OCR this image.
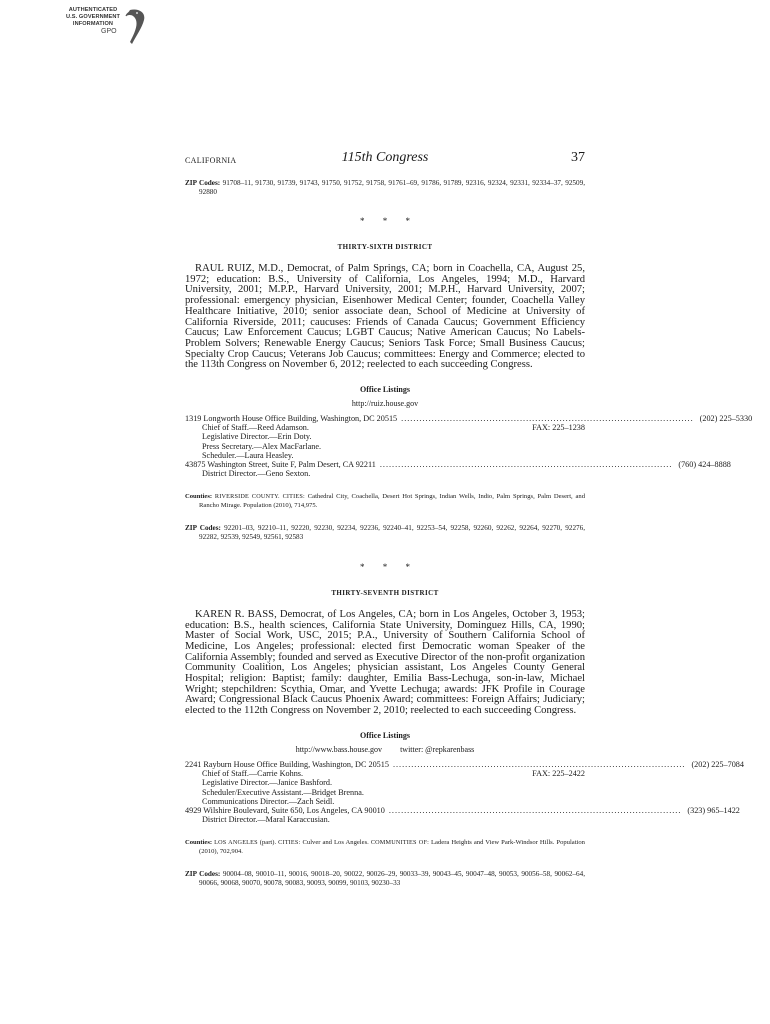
AUTHENTICATED
U.S. GOVERNMENT
INFORMATION
GPO
CALIFORNIA	115th Congress	37
ZIP Codes: 91708–11, 91730, 91739, 91743, 91750, 91752, 91758, 91761–69, 91786, 91789, 92316, 92324, 92331, 92334–37, 92509, 92880
* * *
THIRTY-SIXTH DISTRICT

RAUL RUIZ, M.D., Democrat, of Palm Springs, CA; born in Coachella, CA, August 25, 1972; education: B.S., University of California, Los Angeles, 1994; M.D., Harvard University, 2001; M.P.P., Harvard University, 2001; M.P.H., Harvard University, 2007; professional: emergency physician, Eisenhower Medical Center; founder, Coachella Valley Healthcare Initiative, 2010; senior associate dean, School of Medicine at University of California Riverside, 2011; caucuses: Friends of Canada Caucus; Government Efficiency Caucus; Law Enforcement Caucus; LGBT Caucus; Native American Caucus; No Labels-Problem Solvers; Renewable Energy Caucus; Seniors Task Force; Small Business Caucus; Specialty Crop Caucus; Veterans Job Caucus; committees: Energy and Commerce; elected to the 113th Congress on November 6, 2012; reelected to each succeeding Congress.

Office Listings
http://ruiz.house.gov
1319 Longworth House Office Building, Washington, DC 20515 ................................................................................................ (202) 225–5330
Chief of Staff.—Reed Adamson.	FAX: 225–1238
Legislative Director.—Erin Doty.
Press Secretary.—Alex MacFarlane.
Scheduler.—Laura Heasley.
43875 Washington Street, Suite F, Palm Desert, CA 92211 ................................................................................................ (760) 424–8888
District Director.—Geno Sexton.
Counties: RIVERSIDE COUNTY. CITIES: Cathedral City, Coachella, Desert Hot Springs, Indian Wells, Indio, Palm Springs, Palm Desert, and Rancho Mirage. Population (2010), 714,975.
ZIP Codes: 92201–03, 92210–11, 92220, 92230, 92234, 92236, 92240–41, 92253–54, 92258, 92260, 92262, 92264, 92270, 92276, 92282, 92539, 92549, 92561, 92583
* * *
THIRTY-SEVENTH DISTRICT

KAREN R. BASS, Democrat, of Los Angeles, CA; born in Los Angeles, October 3, 1953; education: B.S., health sciences, California State University, Dominguez Hills, CA, 1990; Master of Social Work, USC, 2015; P.A., University of Southern California School of Medicine, Los Angeles; professional: elected first Democratic woman Speaker of the California Assembly; founded and served as Executive Director of the non-profit organization Community Coalition, Los Angeles; physician assistant, Los Angeles County General Hospital; religion: Baptist; family: daughter, Emilia Bass-Lechuga, son-in-law, Michael Wright; stepchildren: Scythia, Omar, and Yvette Lechuga; awards: JFK Profile in Courage Award; Congressional Black Caucus Phoenix Award; committees: Foreign Affairs; Judiciary; elected to the 112th Congress on November 2, 2010; reelected to each succeeding Congress.

Office Listings
http://www.bass.house.gov twitter: @repkarenbass
2241 Rayburn House Office Building, Washington, DC 20515 ................................................................................................ (202) 225–7084
Chief of Staff.—Carrie Kohns.	FAX: 225–2422
Legislative Director.—Janice Bashford.
Scheduler/Executive Assistant.—Bridget Brenna.
Communications Director.—Zach Seidl.
4929 Wilshire Boulevard, Suite 650, Los Angeles, CA 90010 ................................................................................................ (323) 965–1422
District Director.—Maral Karaccusian.
Counties: LOS ANGELES (part). CITIES: Culver and Los Angeles. COMMUNITIES OF: Ladera Heights and View Park-Windsor Hills. Population (2010), 702,904.
ZIP Codes: 90004–08, 90010–11, 90016, 90018–20, 90022, 90026–29, 90033–39, 90043–45, 90047–48, 90053, 90056–58, 90062–64, 90066, 90068, 90070, 90078, 90083, 90093, 90099, 90103, 90230–33
